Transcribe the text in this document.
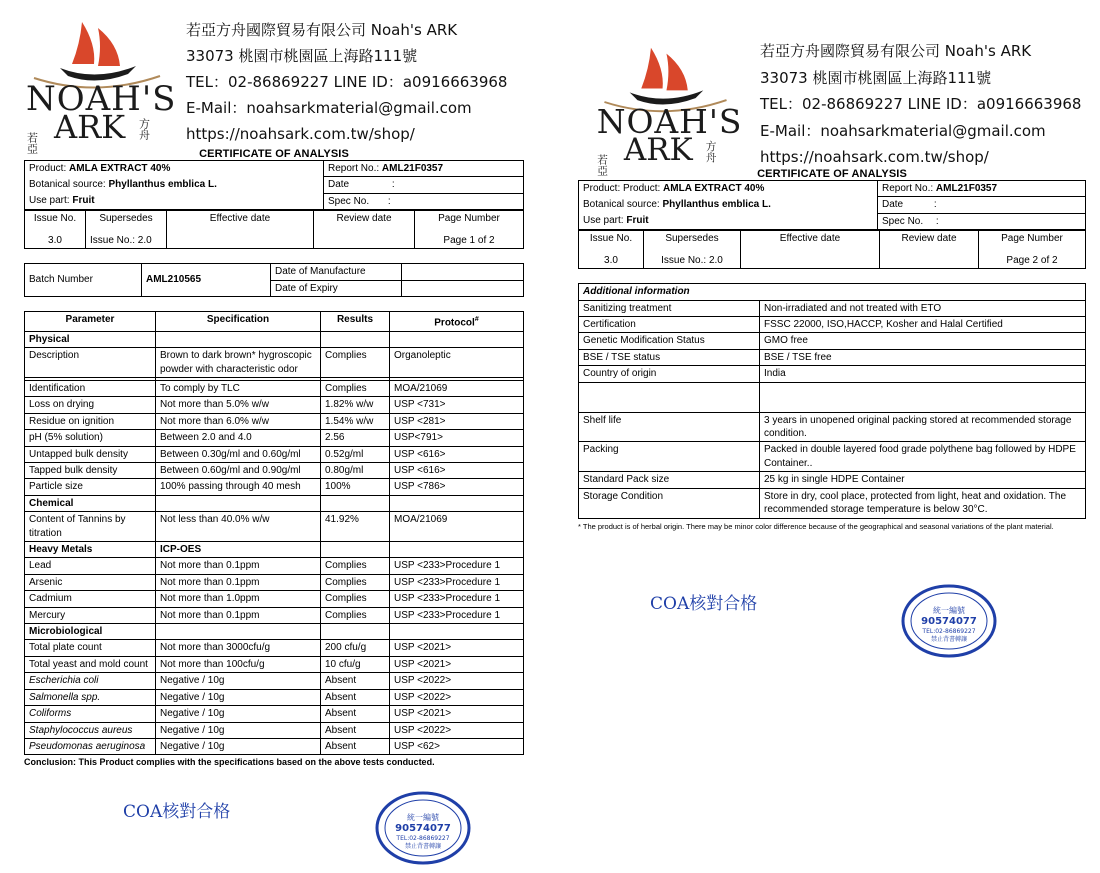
NOAH'S
若亞 ARK 方舟
若亞方舟國際貿易有限公司 Noah's ARK
33073 桃園市桃園區上海路111號
TEL：02-86869227 LINE ID：a0916663968
E-Mail：noahsarkmaterial@gmail.com
https://noahsark.com.tw/shop/
CERTIFICATE OF ANALYSIS
Product: AMLA EXTRACT 40%	Report No.: AML21F0357
Botanical source: Phyllanthus emblica L.	Date :
Use part: Fruit	Spec No. :
Issue No.	Supersedes	Effective date	Review date	Page Number
3.0	Issue No.: 2.0			Page 1 of 2
Batch Number	AML210565	Date of Manufacture	
		Date of Expiry	
Parameter	Specification	Results	Protocol#
Physical			
Description	Brown to dark brown* hygroscopic powder with characteristic odor	Complies	Organoleptic

Identification	To comply by TLC	Complies	MOA/21069
Loss on drying	Not more than 5.0% w/w	1.82% w/w	USP <731>
Residue on ignition	Not more than 6.0% w/w	1.54% w/w	USP <281>
pH (5% solution)	Between 2.0 and 4.0	2.56	USP<791>
Untapped bulk density	Between 0.30g/ml and 0.60g/ml	0.52g/ml	USP <616>
Tapped bulk density	Between 0.60g/ml and 0.90g/ml	0.80g/ml	USP <616>
Particle size	100% passing through 40 mesh	100%	USP <786>
Chemical			
Content of Tannins by titration	Not less than 40.0% w/w	41.92%	MOA/21069
Heavy Metals	ICP-OES		
Lead	Not more than 0.1ppm	Complies	USP <233>Procedure 1
Arsenic	Not more than 0.1ppm	Complies	USP <233>Procedure 1
Cadmium	Not more than 1.0ppm	Complies	USP <233>Procedure 1
Mercury	Not more than 0.1ppm	Complies	USP <233>Procedure 1
Microbiological			
Total plate count	Not more than 3000cfu/g	200 cfu/g	USP <2021>
Total yeast and mold count	Not more than 100cfu/g	10 cfu/g	USP <2021>
Escherichia coli	Negative / 10g	Absent	USP <2022>
Salmonella spp.	Negative / 10g	Absent	USP <2022>
Coliforms	Negative / 10g	Absent	USP <2021>
Staphylococcus aureus	Negative / 10g	Absent	USP <2022>
Pseudomonas aeruginosa	Negative / 10g	Absent	USP <62>
Conclusion: This Product complies with the specifications based on the above tests conducted.
COA核對合格	統一編號
90574077
TEL:02-86869227
禁止背書轉讓
NOAH'S
若亞 ARK 方舟
若亞方舟國際貿易有限公司 Noah's ARK
33073 桃園市桃園區上海路111號
TEL：02-86869227 LINE ID：a0916663968
E-Mail：noahsarkmaterial@gmail.com
https://noahsark.com.tw/shop/
CERTIFICATE OF ANALYSIS
Product: Product: AMLA EXTRACT 40%	Report No.: AML21F0357
Botanical source: Phyllanthus emblica L.	Date :
Use part: Fruit	Spec No. :
Issue No.	Supersedes	Effective date	Review date	Page Number
3.0	Issue No.: 2.0			Page 2 of 2
Additional information	
Sanitizing treatment	Non-irradiated and not treated with ETO
Certification	FSSC 22000, ISO,HACCP, Kosher and Halal Certified
Genetic Modification Status	GMO free
BSE / TSE status	BSE / TSE free
Country of origin	India

Shelf life	3 years in unopened original packing stored at recommended storage condition.
Packing	Packed in double layered food grade polythene bag followed by HDPE Container..
Standard Pack size	25 kg in single HDPE Container
Storage Condition	Store in dry, cool place, protected from light, heat and oxidation. The recommended storage temperature is below 30°C.
* The product is of herbal origin. There may be minor color difference because of the geographical and seasonal variations of the plant material.
COA核對合格	統一編號
90574077
TEL:02-86869227
禁止背書轉讓
